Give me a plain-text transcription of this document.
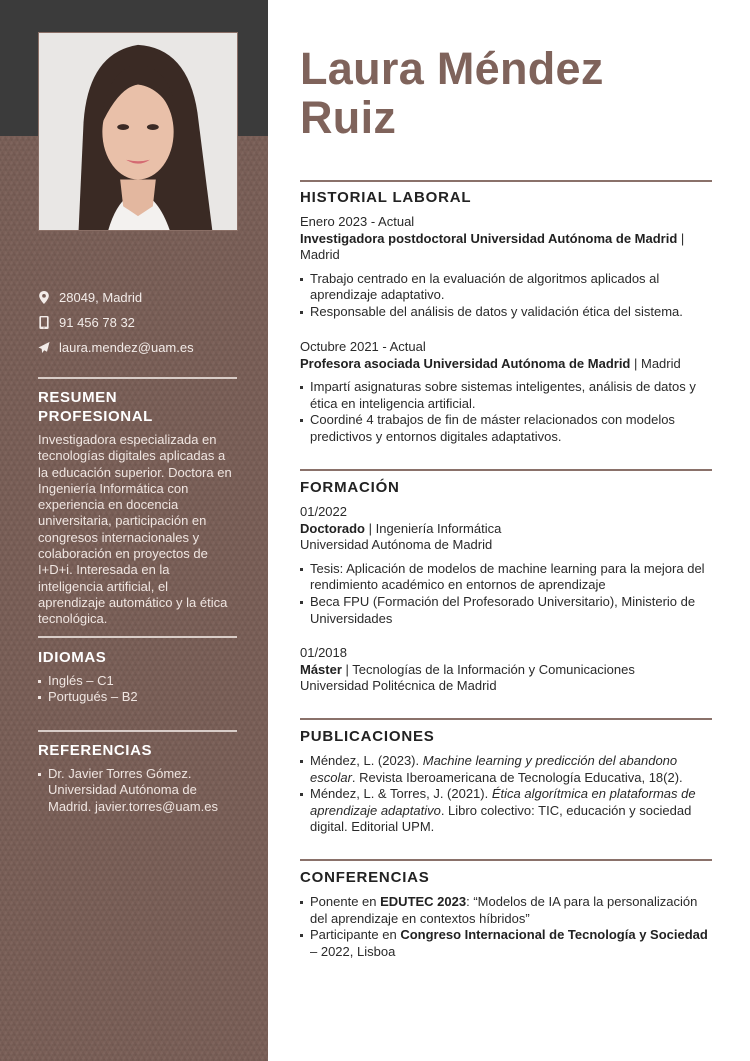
28049, Madrid
91 456 78 32
laura.mendez@uam.es
RESUMEN
PROFESIONAL
Investigadora especializada en tecnologías digitales aplicadas a la educación superior. Doctora en Ingeniería Informática con experiencia en docencia universitaria, participación en congresos internacionales y colaboración en proyectos de I+D+i. Interesada en la inteligencia artificial, el aprendizaje automático y la ética tecnológica.
IDIOMAS
Inglés – C1
Portugués – B2
REFERENCIAS
Dr. Javier Torres Gómez. Universidad Autónoma de Madrid. javier.torres@uam.es
Laura Méndez
Ruiz
HISTORIAL LABORAL
Enero 2023 - Actual
Investigadora postdoctoral Universidad Autónoma de Madrid | Madrid
Trabajo centrado en la evaluación de algoritmos aplicados al aprendizaje adaptativo.
Responsable del análisis de datos y validación ética del sistema.
Octubre 2021 - Actual
Profesora asociada Universidad Autónoma de Madrid | Madrid
Impartí asignaturas sobre sistemas inteligentes, análisis de datos y ética en inteligencia artificial.
Coordiné 4 trabajos de fin de máster relacionados con modelos predictivos y entornos digitales adaptativos.
FORMACIÓN
01/2022
Doctorado | Ingeniería Informática
Universidad Autónoma de Madrid
Tesis: Aplicación de modelos de machine learning para la mejora del rendimiento académico en entornos de aprendizaje
Beca FPU (Formación del Profesorado Universitario), Ministerio de Universidades
01/2018
Máster | Tecnologías de la Información y Comunicaciones
Universidad Politécnica de Madrid
PUBLICACIONES
Méndez, L. (2023). Machine learning y predicción del abandono escolar. Revista Iberoamericana de Tecnología Educativa, 18(2).
Méndez, L. & Torres, J. (2021). Ética algorítmica en plataformas de aprendizaje adaptativo. Libro colectivo: TIC, educación y sociedad digital. Editorial UPM.
CONFERENCIAS
Ponente en EDUTEC 2023: “Modelos de IA para la personalización del aprendizaje en contextos híbridos”
Participante en Congreso Internacional de Tecnología y Sociedad – 2022, Lisboa
